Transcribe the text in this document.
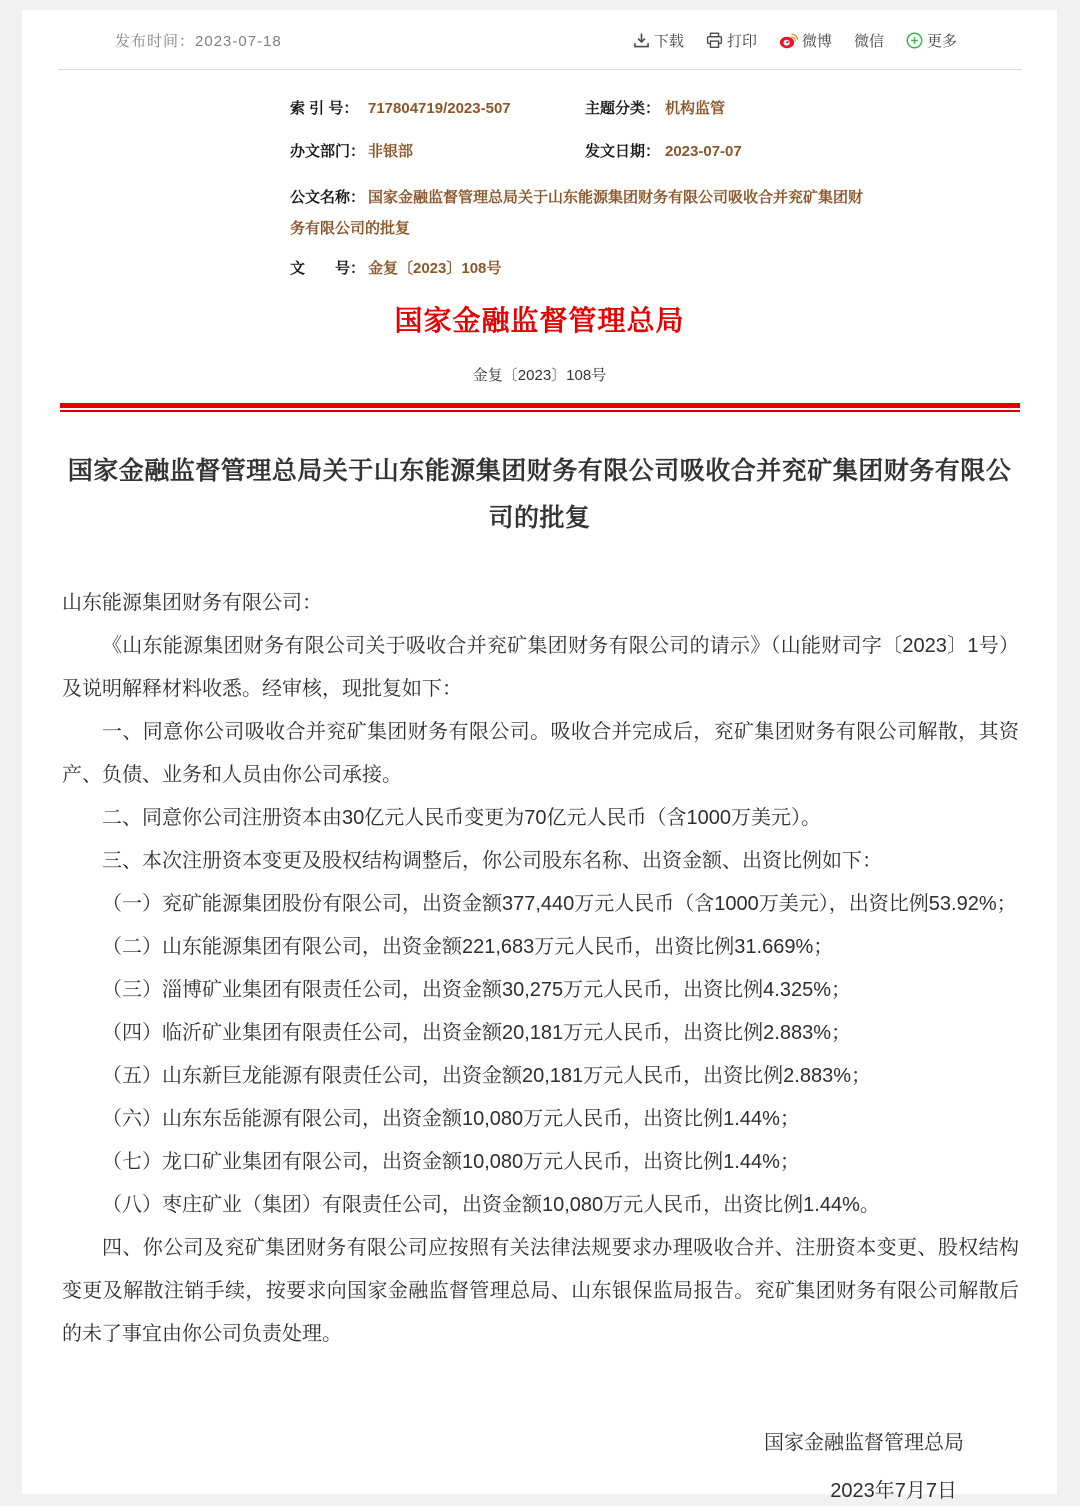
发布时间：2023-07-18	下载	打印	微博 微信	更多
索 引 号： 717804719/2023-507	主题分类： 机构监管
办文部门： 非银部	发文日期： 2023-07-07
公文名称： 国家金融监督管理总局关于山东能源集团财务有限公司吸收合并兖矿集团财务有限公司的批复
文　　号： 金复〔2023〕108号
国家金融监督管理总局
金复〔2023〕108号
国家金融监督管理总局关于山东能源集团财务有限公司吸收合并兖矿集团财务有限公司的批复

山东能源集团财务有限公司：

《山东能源集团财务有限公司关于吸收合并兖矿集团财务有限公司的请示》（山能财司字〔2023〕1号）及说明解释材料收悉。经审核，现批复如下：

一、同意你公司吸收合并兖矿集团财务有限公司。吸收合并完成后，兖矿集团财务有限公司解散，其资产、负债、业务和人员由你公司承接。

二、同意你公司注册资本由30亿元人民币变更为70亿元人民币（含1000万美元）。

三、本次注册资本变更及股权结构调整后，你公司股东名称、出资金额、出资比例如下：

（一）兖矿能源集团股份有限公司，出资金额377,440万元人民币（含1000万美元），出资比例53.92%；

（二）山东能源集团有限公司，出资金额221,683万元人民币，出资比例31.669%；

（三）淄博矿业集团有限责任公司，出资金额30,275万元人民币，出资比例4.325%；

（四）临沂矿业集团有限责任公司，出资金额20,181万元人民币，出资比例2.883%；

（五）山东新巨龙能源有限责任公司，出资金额20,181万元人民币，出资比例2.883%；

（六）山东东岳能源有限公司，出资金额10,080万元人民币，出资比例1.44%；

（七）龙口矿业集团有限公司，出资金额10,080万元人民币，出资比例1.44%；

（八）枣庄矿业（集团）有限责任公司，出资金额10,080万元人民币，出资比例1.44%。

四、你公司及兖矿集团财务有限公司应按照有关法律法规要求办理吸收合并、注册资本变更、股权结构变更及解散注销手续，按要求向国家金融监督管理总局、山东银保监局报告。兖矿集团财务有限公司解散后的未了事宜由你公司负责处理。

国家金融监督管理总局
2023年7月7日
